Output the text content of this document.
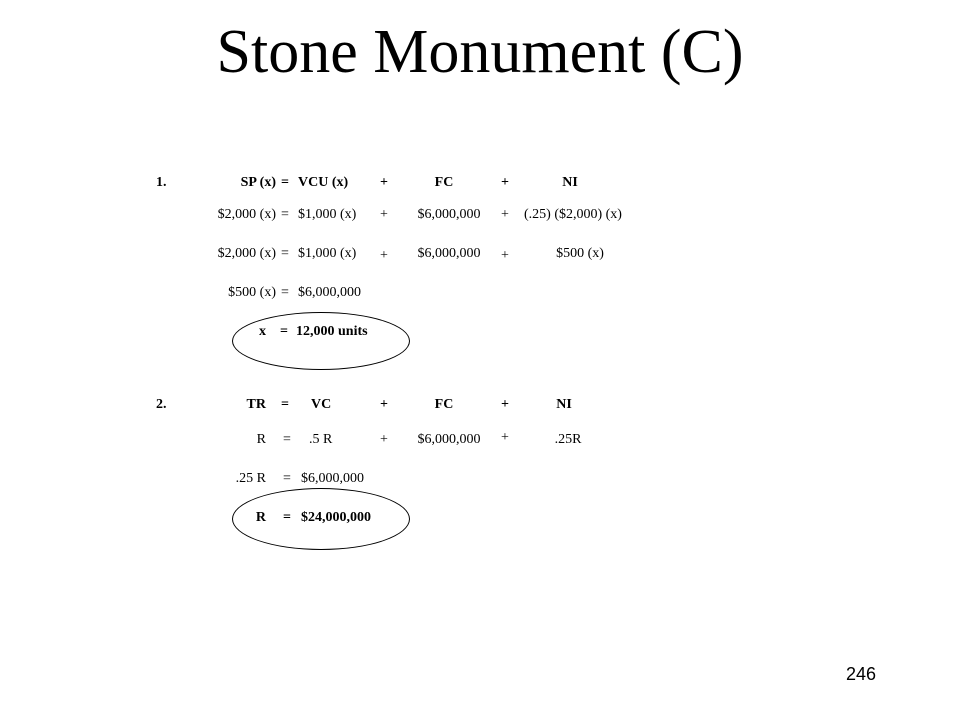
Stone Monument (C)
1.	SP (x) = VCU (x) +	FC	+	NI
$2,000 (x) = $1,000 (x) +	$6,000,000	+ (.25) ($2,000) (x)
$2,000 (x) = $1,000 (x) +	$6,000,000	+	$500 (x)
$500 (x) = $6,000,000
x = 12,000 units
2.	TR = VC	+	FC	+	NI
R = .5 R	+	$6,000,000	+	.25R
.25 R = $6,000,000
R = $24,000,000
246
